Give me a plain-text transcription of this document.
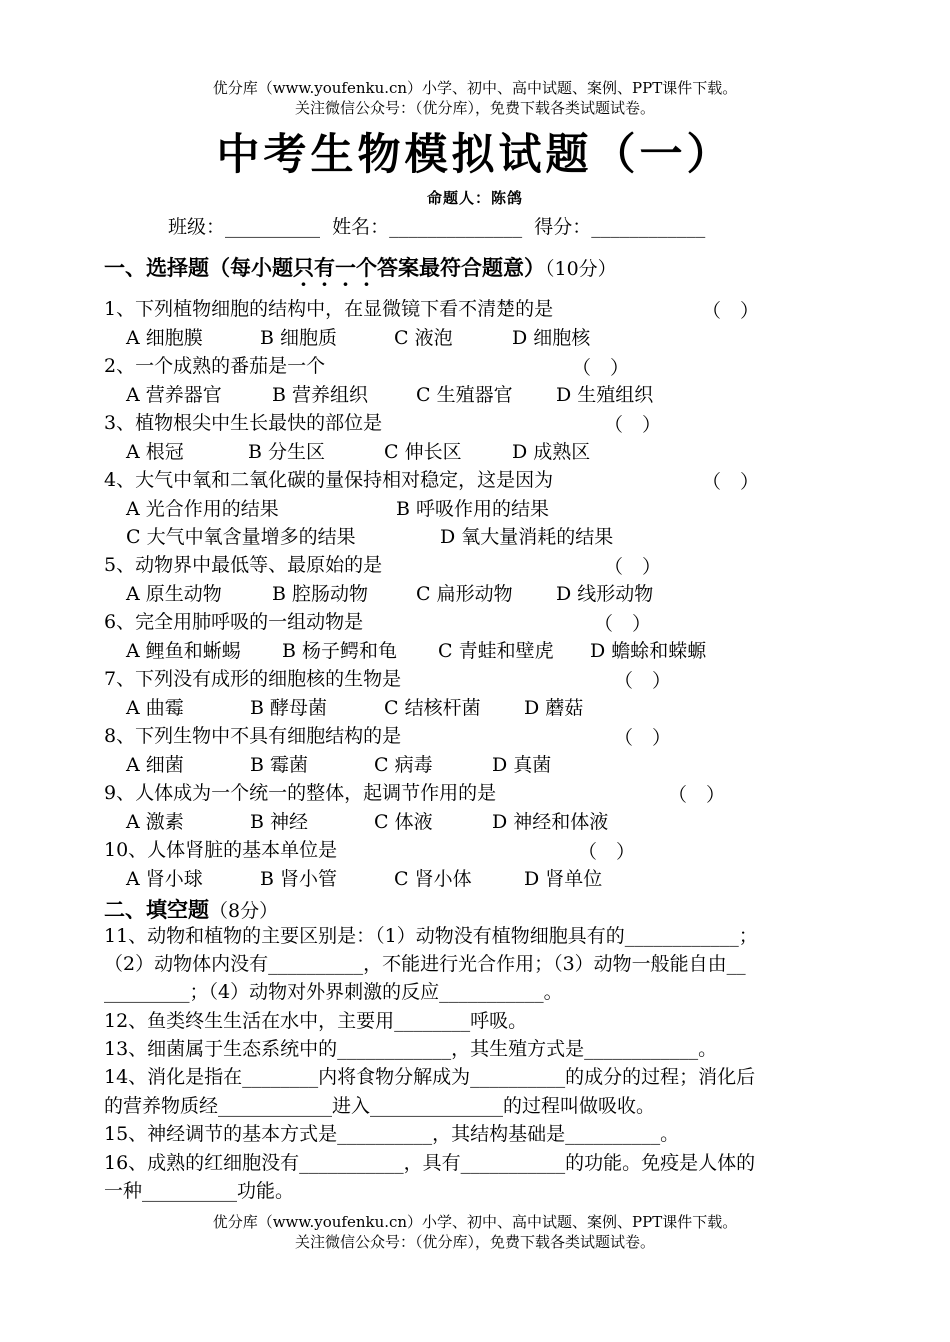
优分库（www.youfenku.cn）小学、初中、高中试题、案例、PPT课件下载。
关注微信公众号：（优分库），免费下载各类试题试卷。
中考生物模拟试题（一）
命题人：陈鸽
班级：__________ 姓名：______________ 得分：____________
一、选择题（每小题只有一个答案最符合题意）（10分）
1、下列植物细胞的结构中，在显微镜下看不清楚的是	（　）
A 细胞膜	B 细胞质	C 液泡	D 细胞核
2、一个成熟的番茄是一个	（　）
A 营养器官	B 营养组织	C 生殖器官 D 生殖组织
3、植物根尖中生长最快的部位是	（　）
A 根冠	B 分生区	C 伸长区	D 成熟区
4、大气中氧和二氧化碳的量保持相对稳定，这是因为	（　）
A 光合作用的结果	B 呼吸作用的结果
C 大气中氧含量增多的结果	D 氧大量消耗的结果
5、动物界中最低等、最原始的是	（　）
A 原生动物	B 腔肠动物	C 扁形动物 D 线形动物
6、完全用肺呼吸的一组动物是	（　）
A 鲤鱼和蜥蜴 B 杨子鳄和龟 C 青蛙和壁虎 D 蟾蜍和蝾螈
7、下列没有成形的细胞核的生物是	（　）
A 曲霉	B 酵母菌	C 结核杆菌 D 蘑菇
8、下列生物中不具有细胞结构的是	（　）
A 细菌	B 霉菌	C 病毒	D 真菌
9、人体成为一个统一的整体，起调节作用的是	（　）
A 激素	B 神经	C 体液	D 神经和体液
10、人体肾脏的基本单位是	（　）
A 肾小球	B 肾小管	C 肾小体	D 肾单位
二、填空题（8分）
11、动物和植物的主要区别是：（1）动物没有植物细胞具有的____________；
（2）动物体内没有__________，不能进行光合作用；（3）动物一般能自由__
_________；（4）动物对外界刺激的反应___________。
12、鱼类终生生活在水中，主要用________呼吸。
13、细菌属于生态系统中的____________，其生殖方式是____________。
14、消化是指在________内将食物分解成为__________的成分的过程；消化后
的营养物质经____________进入______________的过程叫做吸收。
15、神经调节的基本方式是__________，其结构基础是__________。
16、成熟的红细胞没有___________，具有___________的功能。免疫是人体的
一种__________功能。
优分库（www.youfenku.cn）小学、初中、高中试题、案例、PPT课件下载。
关注微信公众号：（优分库），免费下载各类试题试卷。
